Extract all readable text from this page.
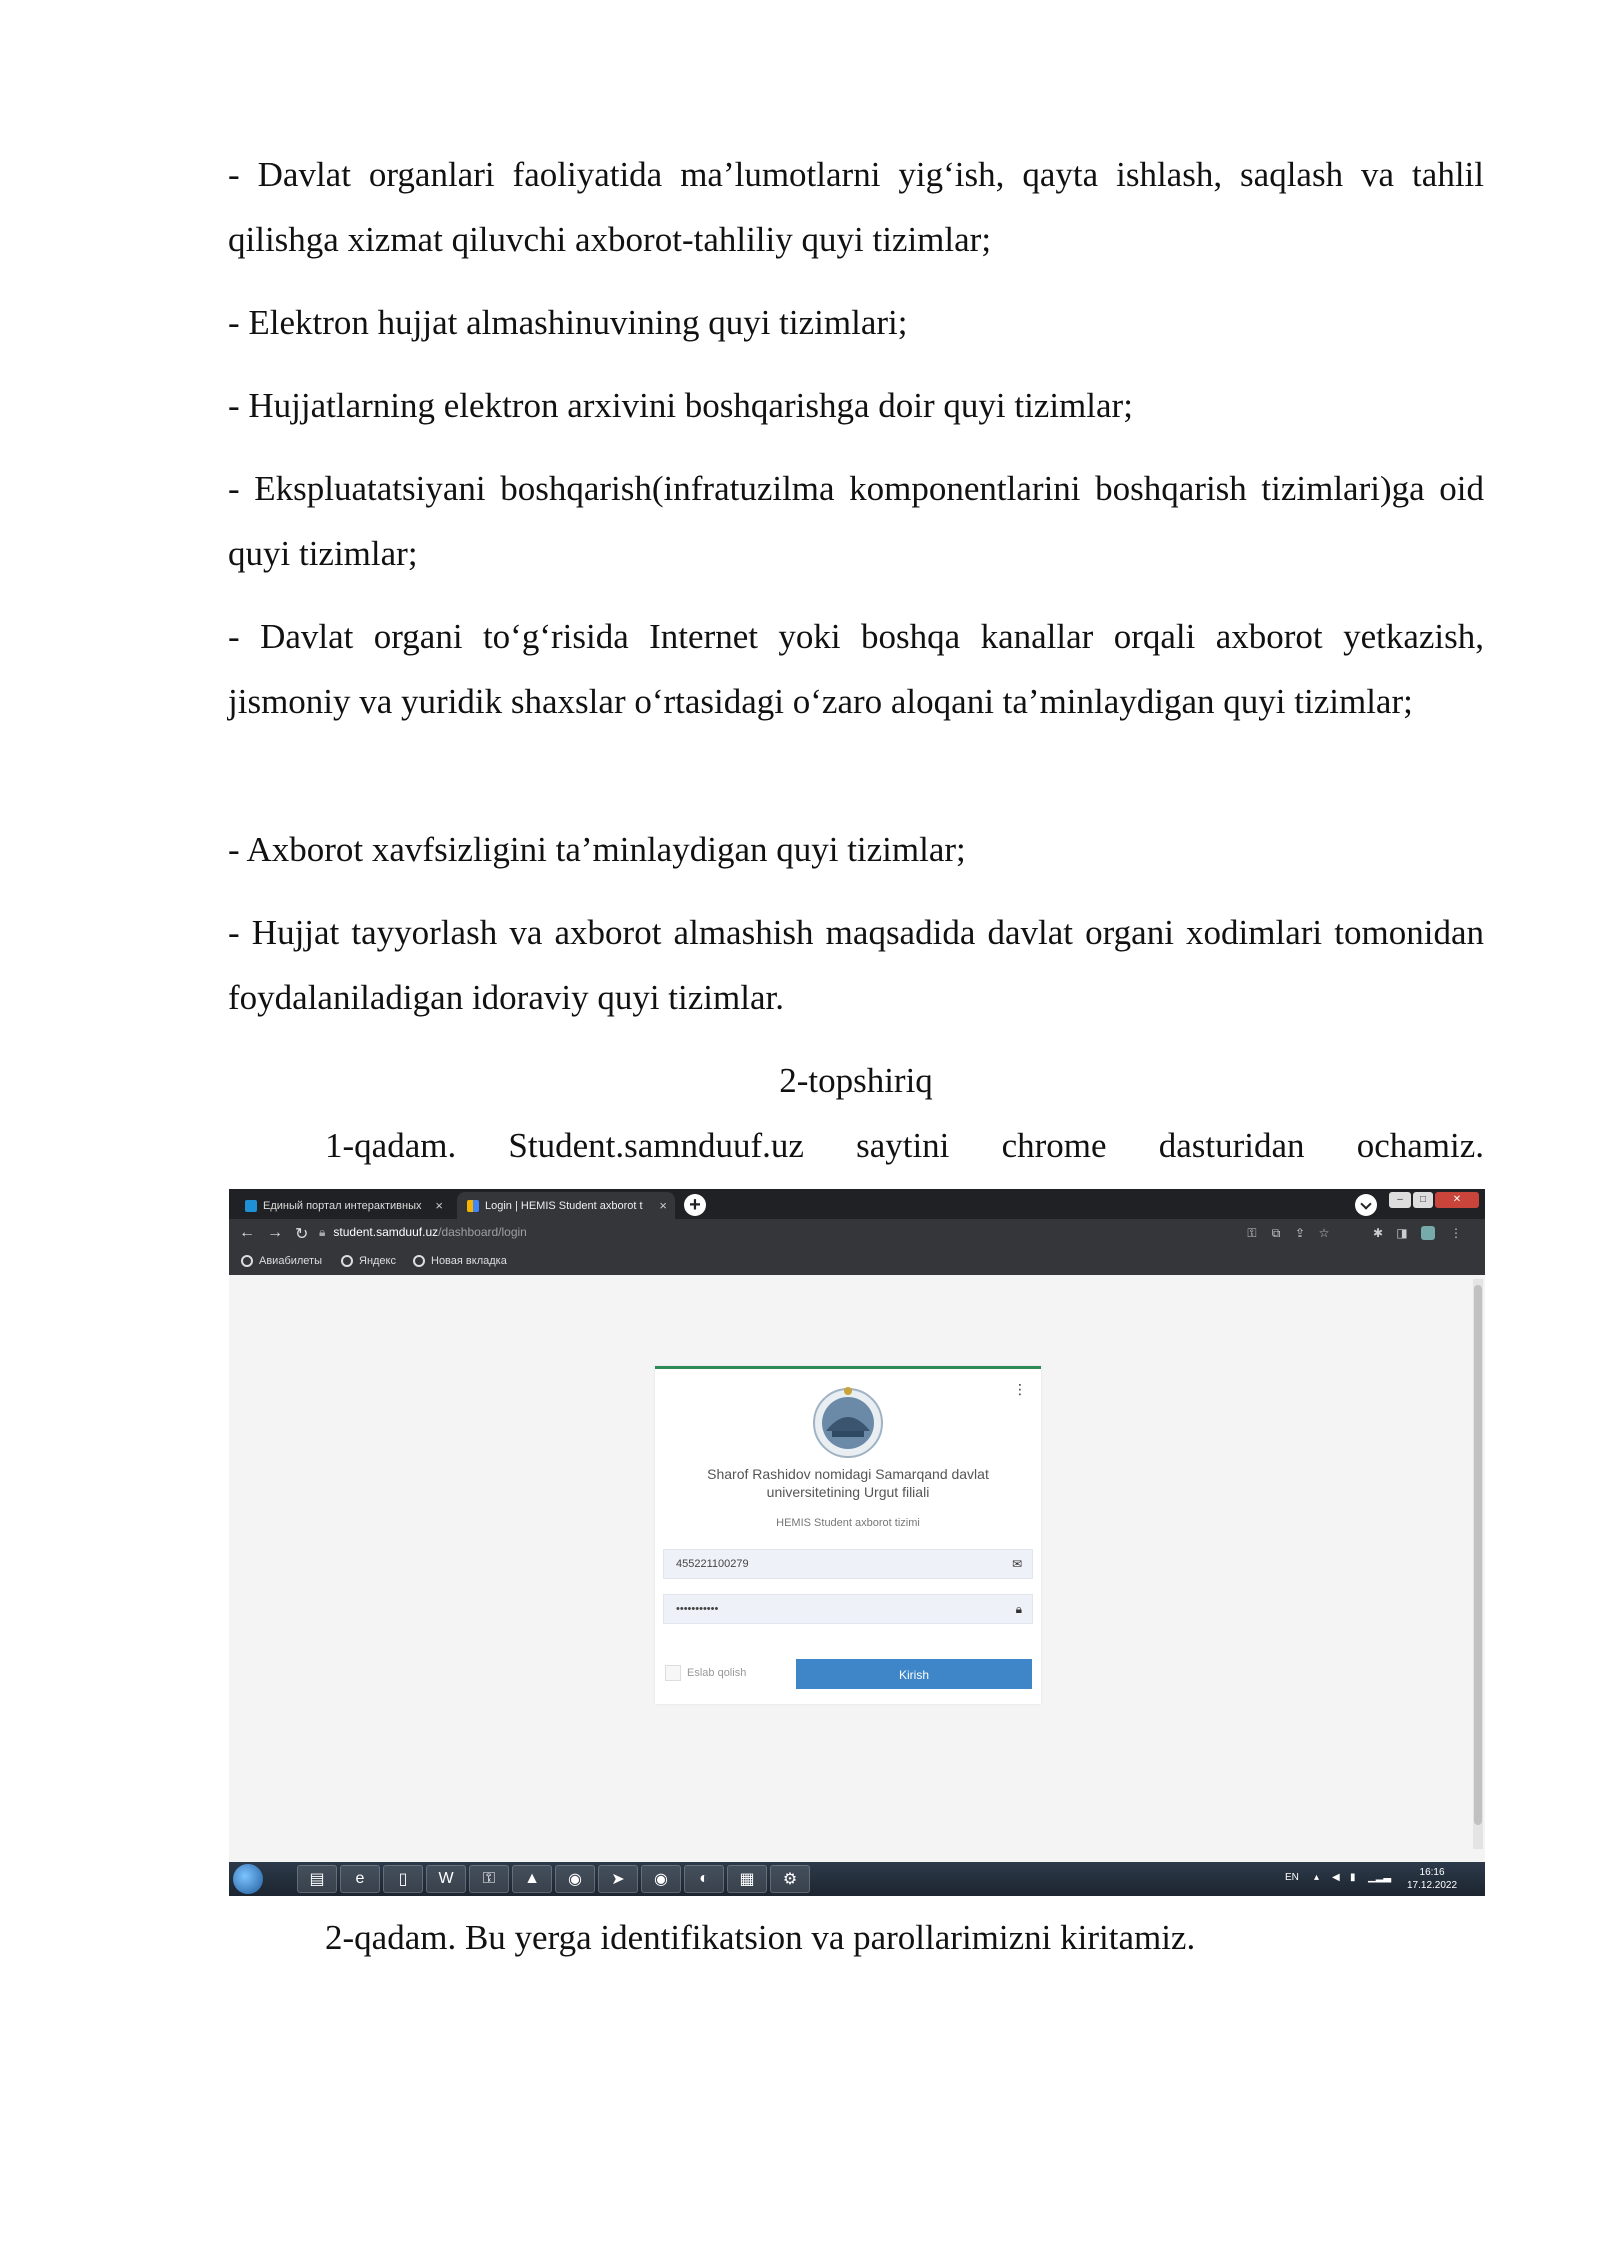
- Davlat organlari faoliyatida ma’lumotlarni yig‘ish, qayta ishlash, saqlash va tahlil qilishga xizmat qiluvchi axborot-tahliliy quyi tizimlar;

- Elektron hujjat almashinuvining quyi tizimlari;

- Hujjatlarning elektron arxivini boshqarishga doir quyi tizimlar;

- Ekspluatatsiyani boshqarish(infratuzilma komponentlarini boshqarish tizimlari)ga oid quyi tizimlar;

- Davlat organi to‘g‘risida Internet yoki boshqa kanallar orqali axborot yetkazish, jismoniy va yuridik shaxslar o‘rtasidagi o‘zaro aloqani ta’minlaydigan quyi tizimlar;

- Axborot xavfsizligini ta’minlaydigan quyi tizimlar;

- Hujjat tayyorlash va axborot almashish maqsadida davlat organi xodimlari tomonidan foydalaniladigan idoraviy quyi tizimlar.

2-topshiriq
1-qadam. Student.samnduuf.uz saytini chrome dasturidan ochamiz.
Единый портал интерактивных ×	Login | HEMIS Student axborot t × +	–	□	✕
← → ↻ 🔒︎ student.samduuf.uz/dashboard/login	⚿ ⧉ ⇪ ☆	✱ ◨	⋮
Авиабилеты	Яндекс	Новая вкладка
⋮
Sharof Rashidov nomidagi Samarqand davlat
universitetining Urgut filiali
HEMIS Student axborot tizimi
455221100279	✉
•••••••••••	🔒︎
Eslab qolish	Kirish
▤	e	▯	W	⚿	▲	◉	➤	◉	◐	▦	⚙	EN ▴ ◀ ▮ ▁▂▃	16:16
17.12.2022
2-qadam. Bu yerga identifikatsion va parollarimizni kiritamiz.
